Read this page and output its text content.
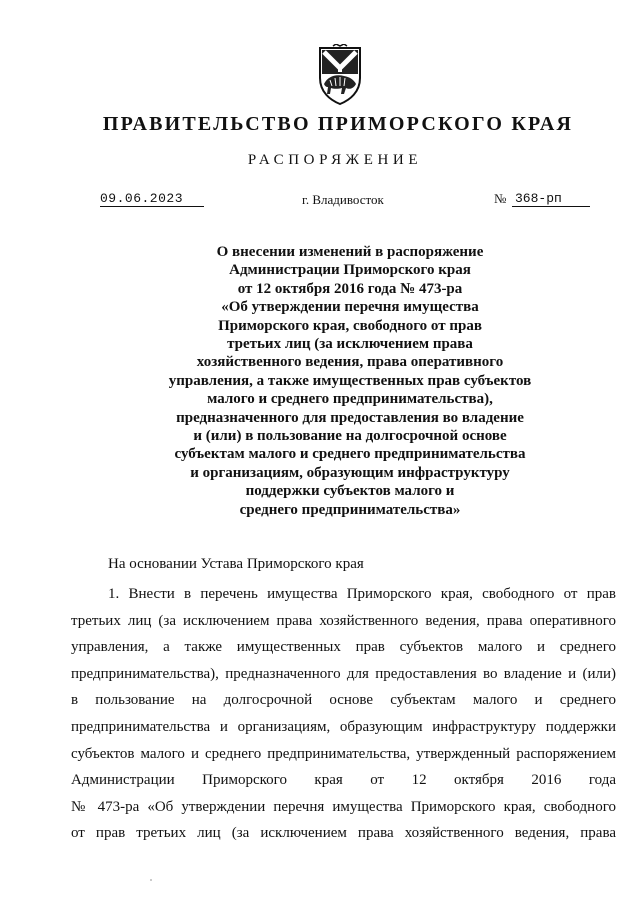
ПРАВИТЕЛЬСТВО ПРИМОРСКОГО КРАЯ
РАСПОРЯЖЕНИЕ
09.06.2023	г. Владивосток	№ 368-рп
О внесении изменений в распоряжение
Администрации Приморского края
от 12 октября 2016 года № 473-ра
«Об утверждении перечня имущества
Приморского края, свободного от прав
третьих лиц (за исключением права
хозяйственного ведения, права оперативного
управления, а также имущественных прав субъектов
малого и среднего предпринимательства),
предназначенного для предоставления во владение
и (или) в пользование на долгосрочной основе
субъектам малого и среднего предпринимательства
и организациям, образующим инфраструктуру
поддержки субъектов малого и
среднего предпринимательства»
На основании Устава Приморского края
1. Внести в перечень имущества Приморского края, свободного от прав
третьих лиц (за исключением права хозяйственного ведения, права оперативного
управления, а также имущественных прав субъектов малого и среднего
предпринимательства), предназначенного для предоставления во владение и (или)
в пользование на долгосрочной основе субъектам малого и среднего
предпринимательства и организациям, образующим инфраструктуру поддержки
субъектов малого и среднего предпринимательства, утвержденный распоряжением
Администрации Приморского края от 12 октября 2016 года
№ 473-ра «Об утверждении перечня имущества Приморского края, свободного
от прав третьих лиц (за исключением права хозяйственного ведения, права
